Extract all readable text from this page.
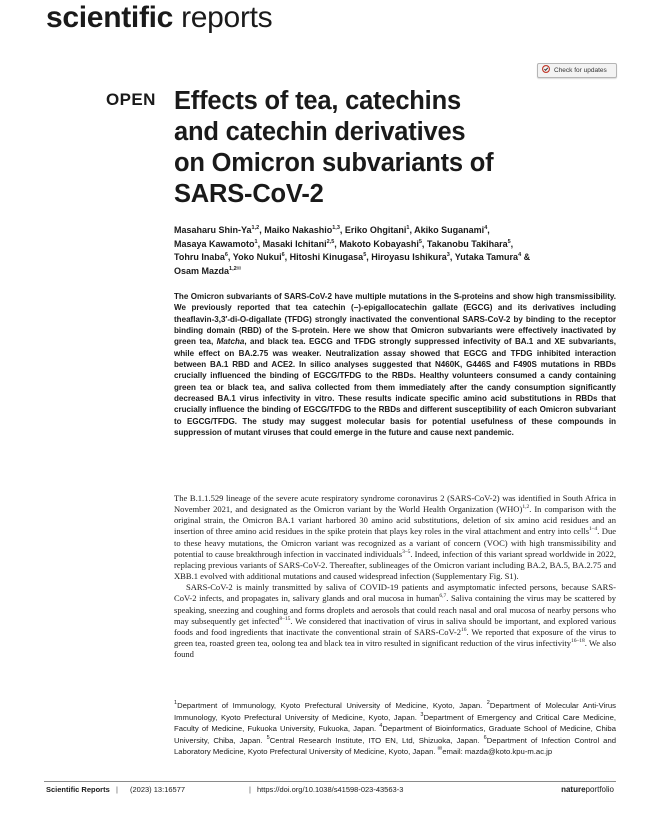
scientific reports
Check for updates
OPEN Effects of tea, catechins and catechin derivatives on Omicron subvariants of SARS-CoV-2
Masaharu Shin-Ya$^{1,2}$, Maiko Nakashio$^{1,3}$, Eriko Ohgitani$^1$, Akiko Suganami$^4$,
Masaya Kawamoto$^1$, Masaki Ichitani$^{2,5}$, Makoto Kobayashi$^5$, Takanobu Takihara$^5$,
Tohru Inaba$^6$, Yoko Nukui$^6$, Hitoshi Kinugasa$^5$, Hiroyasu Ishikura$^3$, Yutaka Tamura$^4$ &
Osam Mazda$^{1,2✉}$
The Omicron subvariants of SARS-CoV-2 have multiple mutations in the S-proteins and show high transmissibility. We previously reported that tea catechin (−)-epigallocatechin gallate (EGCG) and its derivatives including theaflavin-3,3′-di-O-digallate (TFDG) strongly inactivated the conventional SARS-CoV-2 by binding to the receptor binding domain (RBD) of the S-protein. Here we show that Omicron subvariants were effectively inactivated by green tea, Matcha, and black tea. EGCG and TFDG strongly suppressed infectivity of BA.1 and XE subvariants, while effect on BA.2.75 was weaker. Neutralization assay showed that EGCG and TFDG inhibited interaction between BA.1 RBD and ACE2. In silico analyses suggested that N460K, G446S and F490S mutations in RBDs crucially influenced the binding of EGCG/TFDG to the RBDs. Healthy volunteers consumed a candy containing green tea or black tea, and saliva collected from them immediately after the candy consumption significantly decreased BA.1 virus infectivity in vitro. These results indicate specific amino acid substitutions in RBDs that crucially influence the binding of EGCG/TFDG to the RBDs and different susceptibility of each Omicron subvariant to EGCG/TFDG. The study may suggest molecular basis for potential usefulness of these compounds in suppression of mutant viruses that could emerge in the future and cause next pandemic.

The B.1.1.529 lineage of the severe acute respiratory syndrome coronavirus 2 (SARS-CoV-2) was identified in South Africa in November 2021, and designated as the Omicron variant by the World Health Organization (WHO)$^{1,2}$. In comparison with the original strain, the Omicron BA.1 variant harbored 30 amino acid substitutions, deletion of six amino acid residues and an insertion of three amino acid residues in the spike protein that plays key roles in the viral attachment and entry into cells$^{1-4}$. Due to these heavy mutations, the Omicron variant was recognized as a variant of concern (VOC) with high transmissibility and potential to cause breakthrough infection in vaccinated individuals$^{3-5}$. Indeed, infection of this variant spread worldwide in 2022, replacing previous variants of SARS-CoV-2. Thereafter, sublineages of the Omicron variant including BA.2, BA.5, BA.2.75 and XBB.1 evolved with additional mutations and caused widespread infection (Supplementary Fig. S1).

SARS-CoV-2 is mainly transmitted by saliva of COVID-19 patients and asymptomatic infected persons, because SARS-CoV-2 infects, and propagates in, salivary glands and oral mucosa in human$^{6,7}$. Saliva containing the virus may be scattered by speaking, sneezing and coughing and forms droplets and aerosols that could reach nasal and oral mucosa of nearby persons who may subsequently get infected$^{8-15}$. We considered that inactivation of virus in saliva should be important, and explored various foods and food ingredients that inactivate the conventional strain of SARS-$CoV-2^{16}$. We reported that exposure of the virus to green tea, roasted green tea, oolong tea and black tea in vitro resulted in significant reduction of the virus infectivity$^{16-18}$. We also found

$^1$Department of Immunology, Kyoto Prefectural University of Medicine, Kyoto, Japan. $^2$Department of Molecular Anti-Virus Immunology, Kyoto Prefectural University of Medicine, Kyoto, Japan. $^3$Department of Emergency and Critical Care Medicine, Faculty of Medicine, Fukuoka University, Fukuoka, Japan. $^4$Department of Bioinformatics, Graduate School of Medicine, Chiba University, Chiba, Japan. $^5$Central Research Institute, ITO EN, Ltd, Shizuoka, Japan. $^6$Department of Infection Control and Laboratory Medicine, Kyoto Prefectural University of Medicine, Kyoto, Japan. ✉email: mazda@koto.kpu-m.ac.jp
Scientific Reports | (2023) 13:16577	| https://doi.org/10.1038/s41598-023-43563-3	natureportfolio
